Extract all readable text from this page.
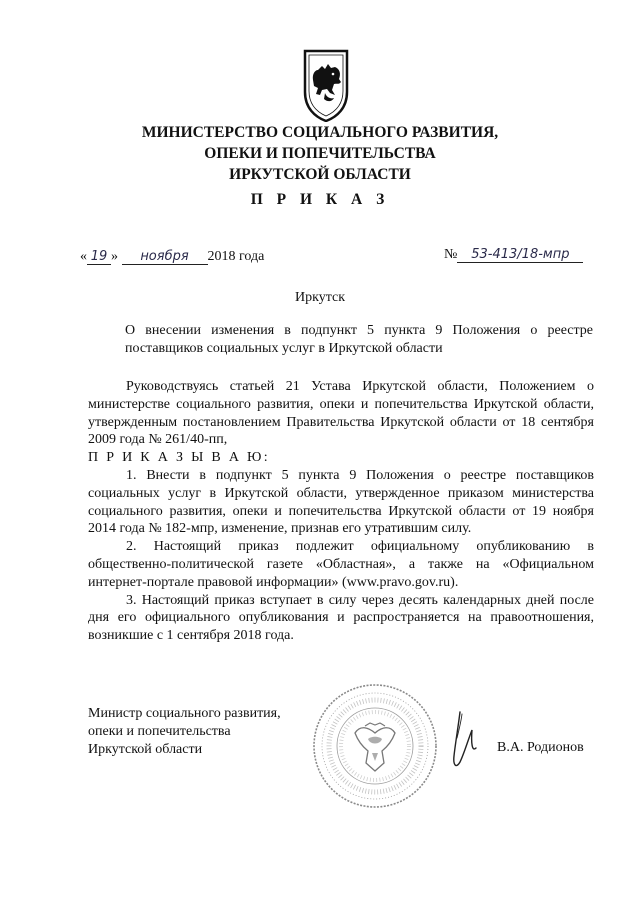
МИНИСТЕРСТВО СОЦИАЛЬНОГО РАЗВИТИЯ,
ОПЕКИ И ПОПЕЧИТЕЛЬСТВА
ИРКУТСКОЙ ОБЛАСТИ
П Р И К А З
« 19 » ноября 2018 года	№ 53-413/18-мпр
Иркутск
О внесении изменения в подпункт 5 пункта 9 Положения о реестре поставщиков социальных услуг в Иркутской области
Руководствуясь статьей 21 Устава Иркутской области, Положением о министерстве социального развития, опеки и попечительства Иркутской области, утвержденным постановлением Правительства Иркутской области от 18 сентября 2009 года № 261/40-пп,
П Р И К А З Ы В А Ю:
1. Внести в подпункт 5 пункта 9 Положения о реестре поставщиков социальных услуг в Иркутской области, утвержденное приказом министерства социального развития, опеки и попечительства Иркутской области от 19 ноября 2014 года № 182-мпр, изменение, признав его утратившим силу.
2. Настоящий приказ подлежит официальному опубликованию в общественно-политической газете «Областная», а также на «Официальном интернет-портале правовой информации» (www.pravo.gov.ru).
3. Настоящий приказ вступает в силу через десять календарных дней после дня его официального опубликования и распространяется на правоотношения, возникшие с 1 сентября 2018 года.
Министр социального развития,
опеки и попечительства
Иркутской области	В.А. Родионов
